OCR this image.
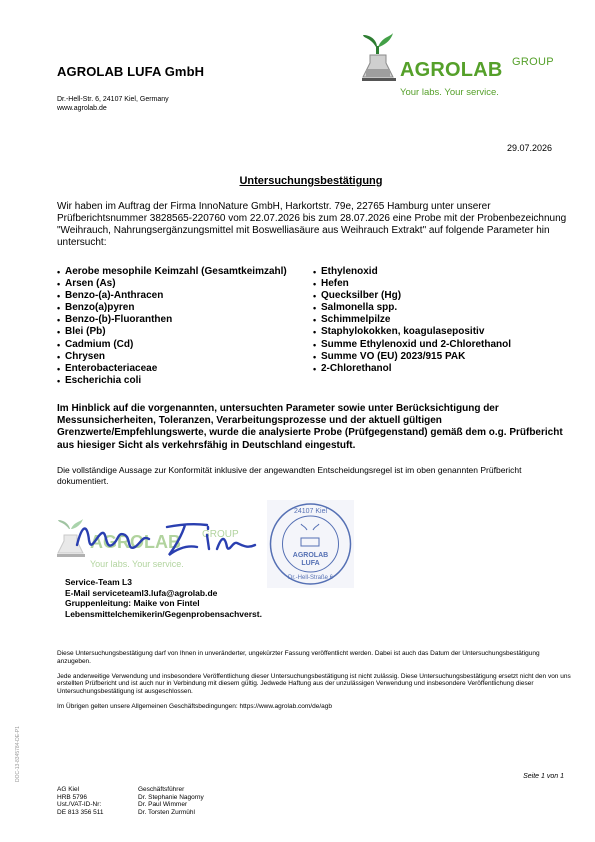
AGROLAB LUFA GmbH
Dr.-Hell-Str. 6, 24107 Kiel, Germany
www.agrolab.de
AGROLAB GROUP
Your labs. Your service.
29.07.2026
Untersuchungsbestätigung
Wir haben im Auftrag der Firma InnoNature GmbH, Harkortstr. 79e, 22765 Hamburg unter unserer Prüfberichtsnummer 3828565-220760 vom 22.07.2026 bis zum 28.07.2026 eine Probe mit der Probenbezeichnung "Weihrauch, Nahrungsergänzungsmittel mit Boswelliasäure aus Weihrauch Extrakt" auf folgende Parameter hin untersucht:
• Aerobe mesophile Keimzahl (Gesamtkeimzahl)
• Arsen (As)
• Benzo-(a)-Anthracen
• Benzo(a)pyren
• Benzo-(b)-Fluoranthen
• Blei (Pb)
• Cadmium (Cd)
• Chrysen
• Enterobacteriaceae
• Escherichia coli
• Ethylenoxid
• Hefen
• Quecksilber (Hg)
• Salmonella spp.
• Schimmelpilze
• Staphylokokken, koagulasepositiv
• Summe Ethylenoxid und 2-Chlorethanol
• Summe VO (EU) 2023/915 PAK
• 2-Chlorethanol
Im Hinblick auf die vorgenannten, untersuchten Parameter sowie unter Berücksichtigung der Messunsicherheiten, Toleranzen, Verarbeitungsprozesse und der aktuell gültigen Grenzwerte/Empfehlungswerte, wurde die analysierte Probe (Prüfgegenstand) gemäß dem o.g. Prüfbericht aus hiesiger Sicht als verkehrsfähig in Deutschland eingestuft.
Die vollständige Aussage zur Konformität inklusive der angewandten Entscheidungsregel ist im oben genannten Prüfbericht dokumentiert.
AGROLAB GROUP
Your labs. Your service.
24107 Kiel
AGROLAB
LUFA
Dr.-Hell-Straße 6
Service-Team L3
E-Mail serviceteaml3.lufa@agrolab.de
Gruppenleitung: Maike von Fintel
Lebensmittelchemikerin/Gegenprobensachverst.

Diese Untersuchungsbestätigung darf von Ihnen in unveränderter, ungekürzter Fassung veröffentlicht werden. Dabei ist auch das Datum der Untersuchungsbestätigung anzugeben.

Jede anderweitige Verwendung und insbesondere Veröffentlichung dieser Untersuchungsbestätigung ist nicht zulässig. Diese Untersuchungsbestätigung ersetzt nicht den von uns erstellten Prüfbericht und ist auch nur in Verbindung mit diesem gültig. Jedwede Haftung aus der unzulässigen Verwendung und insbesondere Veröffentlichung dieser Untersuchungsbestätigung ist ausgeschlossen.

Im Übrigen gelten unsere Allgemeinen Geschäftsbedingungen: https://www.agrolab.com/de/agb

DOC-13-8345784-DE-P1	Seite 1 von 1
AG Kiel
HRB 5796
Ust./VAT-ID-Nr:
DE 813 356 511
Geschäftsführer
Dr. Stephanie Nagorny
Dr. Paul Wimmer
Dr. Torsten Zurmühl
